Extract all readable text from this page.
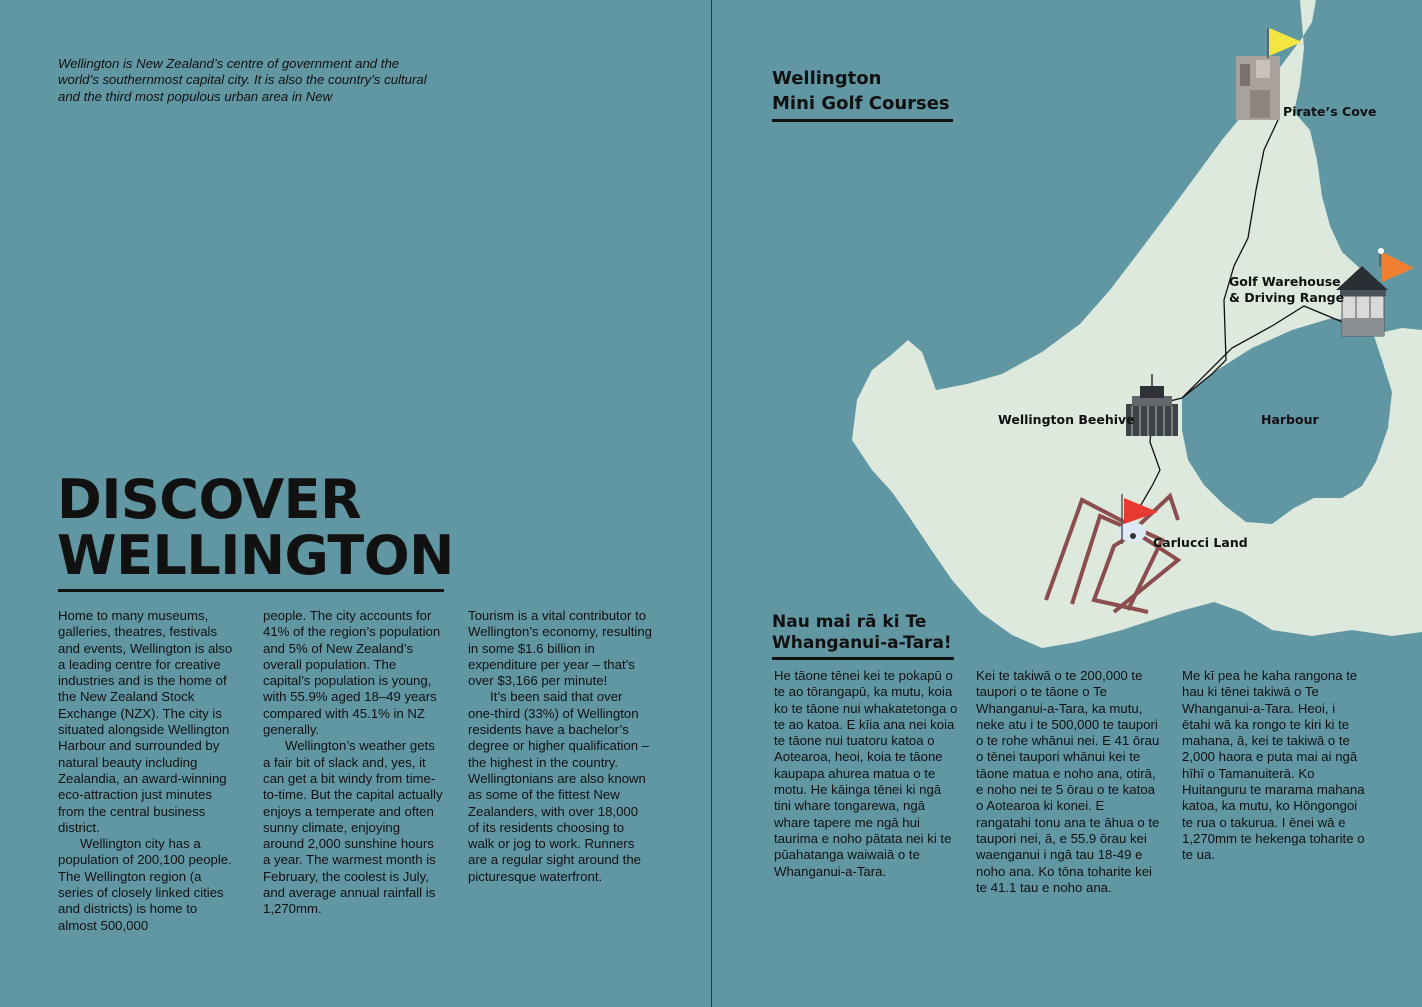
Wellington is New Zealand’s centre of government and the world’s southernmost capital city. It is also the country’s cultural and the third most populous urban area in New

DISCOVER
WELLINGTON

Home to many museums, galleries, theatres, festivals and events, Wellington is also a leading centre for creative industries and is the home of the New Zealand Stock Exchange (NZX). The city is situated alongside Wellington Harbour and surrounded by natural beauty including Zealandia, an award-winning eco-attraction just minutes from the central business district.

Wellington city has a population of 200,100 people. The Wellington region (a series of closely linked cities and districts) is home to almost 500,000

people. The city accounts for 41% of the region’s population and 5% of New Zealand’s overall population. The capital’s population is young, with 55.9% aged 18–49 years compared with 45.1% in NZ generally.

Wellington’s weather gets a fair bit of slack and, yes, it can get a bit windy from time-to-time. But the capital actually enjoys a temperate and often sunny climate, enjoying around 2,000 sunshine hours a year. The warmest month is February, the coolest is July, and average annual rainfall is 1,270mm.

Tourism is a vital contributor to Wellington’s economy, resulting in some $1.6 billion in expenditure per year – that’s over $3,166 per minute!

It’s been said that over one-third (33%) of Wellington residents have a bachelor’s degree or higher qualification – the highest in the country. Wellingtonians are also known as some of the fittest New Zealanders, with over 18,000 of its residents choosing to walk or jog to work. Runners are a regular sight around the picturesque waterfront.

Wellington
Mini Golf Courses	Pirate’s Cove
Golf Warehouse
& Driving Range
Wellington Beehive	Harbour
Carlucci Land
Nau mai rā ki Te
Whanganui-a-Tara!

He tāone tēnei kei te pokapū o te ao tōrangapū, ka mutu, koia ko te tāone nui whakatetonga o te ao katoa. E kīia ana nei koia te tāone nui tuatoru katoa o Aotearoa, heoi, koia te tāone kaupapa ahurea matua o te motu. He kāinga tēnei ki ngā tini whare tongarewa, ngā whare tapere me ngā hui taurima e noho pātata nei ki te pūahatanga waiwaiā o te Whanganui-a-Tara.

Kei te takiwā o te 200,000 te taupori o te tāone o Te Whanganui-a-Tara, ka mutu, neke atu i te 500,000 te taupori o te rohe whānui nei. E 41 ōrau o tēnei taupori whānui kei te tāone matua e noho ana, otirā, e noho nei te 5 ōrau o te katoa o Aotearoa ki konei. E rangatahi tonu ana te āhua o te taupori nei, ā, e 55.9 ōrau kei waenganui i ngā tau 18-49 e noho ana. Ko tōna toharite kei te 41.1 tau e noho ana.

Me kī pea he kaha rangona te hau ki tēnei takiwā o Te Whanganui-a-Tara. Heoi, i ētahi wā ka rongo te kiri ki te mahana, ā, kei te takiwā o te 2,000 haora e puta mai ai ngā hīhī o Tamanuiterā. Ko Huitanguru te marama mahana katoa, ka mutu, ko Hōngongoi te rua o takurua. I ēnei wā e 1,270mm te hekenga toharite o te ua.
